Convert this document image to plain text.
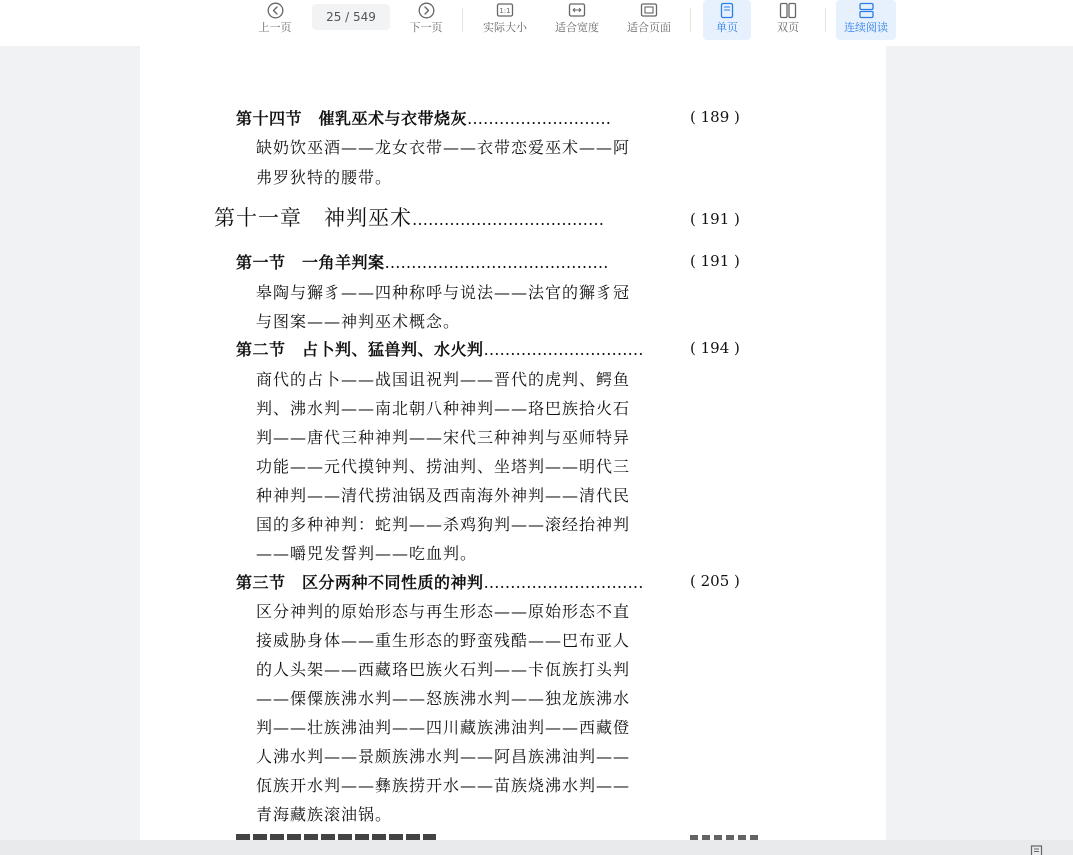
上一页
25 / 549
下一页
1:1
实际大小	适合宽度	适合页面	单页	双页	连续阅读
第十四节　催乳巫术与衣带烧灰………………………	( 189 )
缺奶饮巫酒——龙女衣带——衣带恋爱巫术——阿
弗罗狄特的腰带。
第十一章　神判巫术………………………………	( 191 )
第一节　一角羊判案……………………………………	( 191 )
皋陶与獬豸——四种称呼与说法——法官的獬豸冠
与图案——神判巫术概念。
第二节　占卜判、猛兽判、水火判…………………………	( 194 )
商代的占卜——战国诅祝判——晋代的虎判、鳄鱼
判、沸水判——南北朝八种神判——珞巴族拾火石
判——唐代三种神判——宋代三种神判与巫师特异
功能——元代摸钟判、捞油判、坐塔判——明代三
种神判——清代捞油锅及西南海外神判——清代民
国的多种神判：蛇判——杀鸡狗判——滚经抬神判
——嚼兕发誓判——吃血判。
第三节　区分两种不同性质的神判…………………………	( 205 )
区分神判的原始形态与再生形态——原始形态不直
接威胁身体——重生形态的野蛮残酷——巴布亚人
的人头架——西藏珞巴族火石判——卡佤族打头判
——傈僳族沸水判——怒族沸水判——独龙族沸水
判——壮族沸油判——四川藏族沸油判——西藏僜
人沸水判——景颇族沸水判——阿昌族沸油判——
佤族开水判——彝族捞开水——苗族烧沸水判——
青海藏族滚油锅。
